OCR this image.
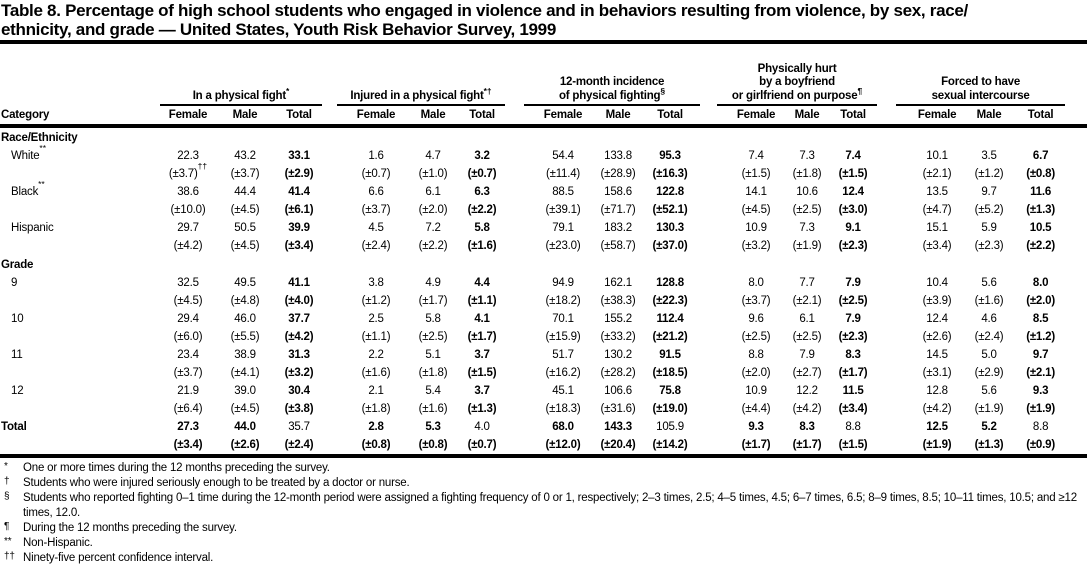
Table 8. Percentage of high school students who engaged in violence and in behaviors resulting from violence, by sex, race/
ethnicity, and grade — United States, Youth Risk Behavior Survey, 1999

	In a physical fight*			Injured in a physical fight*†			12-month incidence
of physical fighting§			Physically hurt
by a boyfriend
or girlfriend on purpose¶			Forced to have
sexual intercourse		

Category	Female	Male	Total	Female	Male	Total	Female	Male	Total	Female	Male	Total	Female	Male	Total
Race/Ethnicity															
White**	22.3	43.2	33.1	1.6	4.7	3.2	54.4	133.8	95.3	7.4	7.3	7.4	10.1	3.5	6.7
	(±3.7)††	(±3.7)	(±2.9)	(±0.7)	(±1.0)	(±0.7)	(±11.4)	(±28.9)	(±16.3)	(±1.5)	(±1.8)	(±1.5)	(±2.1)	(±1.2)	(±0.8)
Black**	38.6	44.4	41.4	6.6	6.1	6.3	88.5	158.6	122.8	14.1	10.6	12.4	13.5	9.7	11.6
	(±10.0)	(±4.5)	(±6.1)	(±3.7)	(±2.0)	(±2.2)	(±39.1)	(±71.7)	(±52.1)	(±4.5)	(±2.5)	(±3.0)	(±4.7)	(±5.2)	(±1.3)
Hispanic	29.7	50.5	39.9	4.5	7.2	5.8	79.1	183.2	130.3	10.9	7.3	9.1	15.1	5.9	10.5
	(±4.2)	(±4.5)	(±3.4)	(±2.4)	(±2.2)	(±1.6)	(±23.0)	(±58.7)	(±37.0)	(±3.2)	(±1.9)	(±2.3)	(±3.4)	(±2.3)	(±2.2)
Grade															
9	32.5	49.5	41.1	3.8	4.9	4.4	94.9	162.1	128.8	8.0	7.7	7.9	10.4	5.6	8.0
	(±4.5)	(±4.8)	(±4.0)	(±1.2)	(±1.7)	(±1.1)	(±18.2)	(±38.3)	(±22.3)	(±3.7)	(±2.1)	(±2.5)	(±3.9)	(±1.6)	(±2.0)
10	29.4	46.0	37.7	2.5	5.8	4.1	70.1	155.2	112.4	9.6	6.1	7.9	12.4	4.6	8.5
	(±6.0)	(±5.5)	(±4.2)	(±1.1)	(±2.5)	(±1.7)	(±15.9)	(±33.2)	(±21.2)	(±2.5)	(±2.5)	(±2.3)	(±2.6)	(±2.4)	(±1.2)
11	23.4	38.9	31.3	2.2	5.1	3.7	51.7	130.2	91.5	8.8	7.9	8.3	14.5	5.0	9.7
	(±3.7)	(±4.1)	(±3.2)	(±1.6)	(±1.8)	(±1.5)	(±16.2)	(±28.2)	(±18.5)	(±2.0)	(±2.7)	(±1.7)	(±3.1)	(±2.9)	(±2.1)
12	21.9	39.0	30.4	2.1	5.4	3.7	45.1	106.6	75.8	10.9	12.2	11.5	12.8	5.6	9.3
	(±6.4)	(±4.5)	(±3.8)	(±1.8)	(±1.6)	(±1.3)	(±18.3)	(±31.6)	(±19.0)	(±4.4)	(±4.2)	(±3.4)	(±4.2)	(±1.9)	(±1.9)
Total	27.3	44.0	35.7	2.8	5.3	4.0	68.0	143.3	105.9	9.3	8.3	8.8	12.5	5.2	8.8
	(±3.4)	(±2.6)	(±2.4)	(±0.8)	(±0.8)	(±0.7)	(±12.0)	(±20.4)	(±14.2)	(±1.7)	(±1.7)	(±1.5)	(±1.9)	(±1.3)	(±0.9)
*	One or more times during the 12 months preceding the survey.
†	Students who were injured seriously enough to be treated by a doctor or nurse.
§	Students who reported fighting 0–1 time during the 12-month period were assigned a fighting frequency of 0 or 1, respectively; 2–3 times, 2.5; 4–5 times, 4.5; 6–7 times, 6.5; 8–9 times, 8.5; 10–11 times, 10.5; and ≥12 times, 12.0.
¶	During the 12 months preceding the survey.
**	Non-Hispanic.
†† Ninety-five percent confidence interval.
